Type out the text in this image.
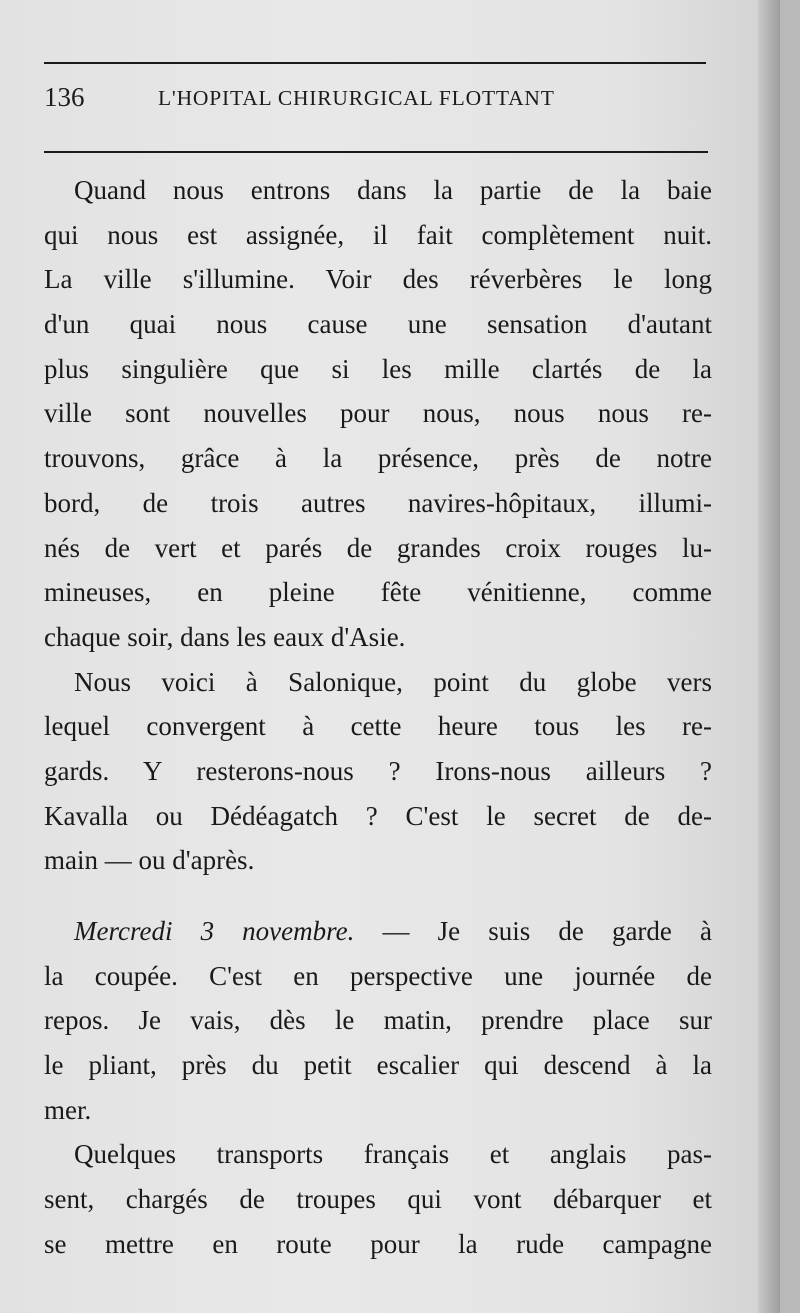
136	L'HOPITAL CHIRURGICAL FLOTTANT

Quand nous entrons dans la partie de la baie
qui nous est assignée, il fait complètement nuit.
La ville s'illumine. Voir des réverbères le long
d'un quai nous cause une sensation d'autant
plus singulière que si les mille clartés de la
ville sont nouvelles pour nous, nous nous re-
trouvons, grâce à la présence, près de notre
bord, de trois autres navires-hôpitaux, illumi-
nés de vert et parés de grandes croix rouges lu-
mineuses, en pleine fête vénitienne, comme
chaque soir, dans les eaux d'Asie.

Nous voici à Salonique, point du globe vers
lequel convergent à cette heure tous les re-
gards. Y resterons-nous ? Irons-nous ailleurs ?
Kavalla ou Dédéagatch ? C'est le secret de de-
main — ou d'après.

Mercredi 3 novembre. — Je suis de garde à
la coupée. C'est en perspective une journée de
repos. Je vais, dès le matin, prendre place sur
le pliant, près du petit escalier qui descend à la
mer.

Quelques transports français et anglais pas-
sent, chargés de troupes qui vont débarquer et
se mettre en route pour la rude campagne
